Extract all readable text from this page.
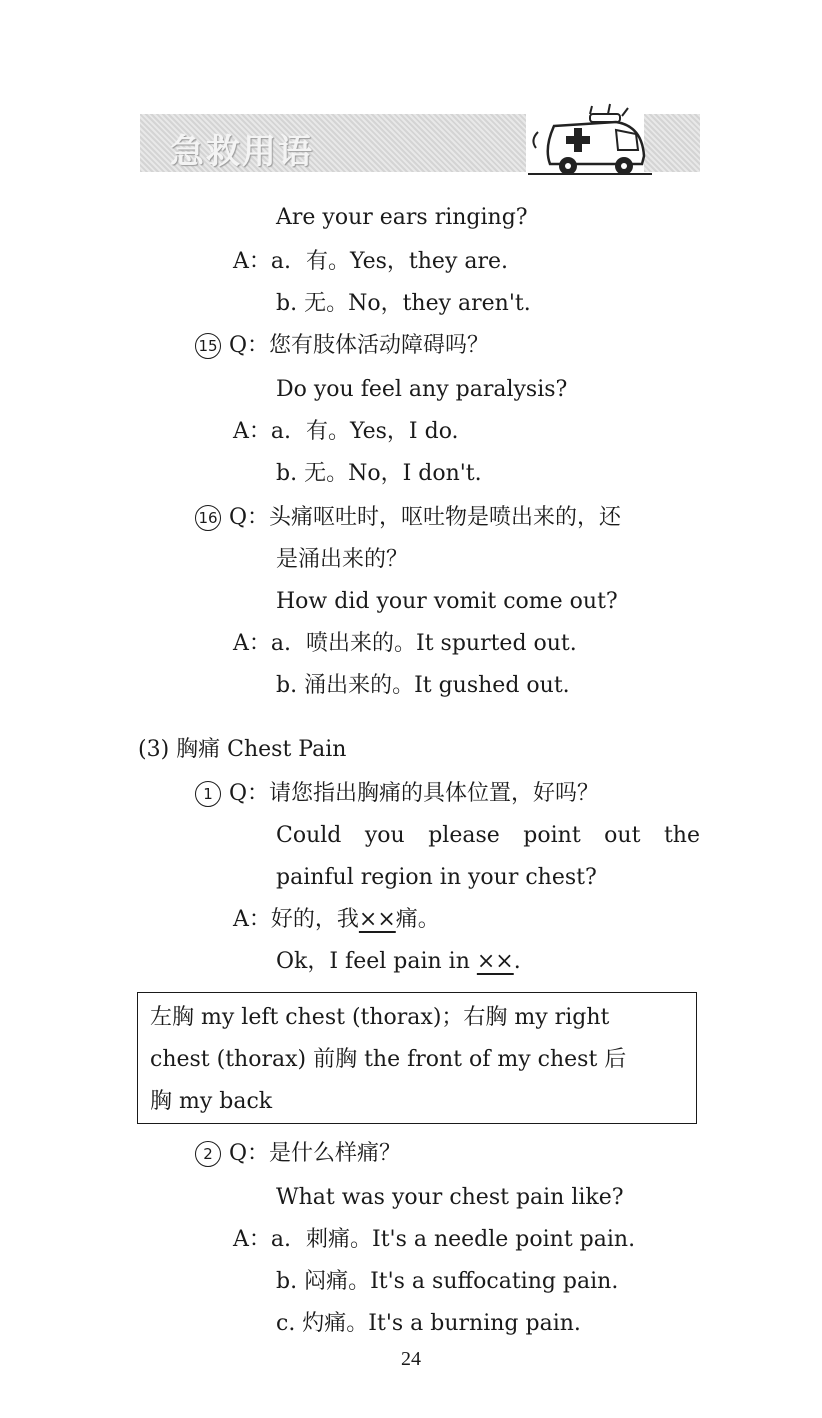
急救用语
Are your ears ringing?
A：a. 有。Yes，they are.
b. 无。No，they aren't.
15 Q：您有肢体活动障碍吗？
Do you feel any paralysis?
A：a. 有。Yes，I do.
b. 无。No，I don't.
16 Q：头痛呕吐时，呕吐物是喷出来的，还
是涌出来的？
How did your vomit come out?
A：a. 喷出来的。It spurted out.
b. 涌出来的。It gushed out.
(3) 胸痛 Chest Pain
1 Q：请您指出胸痛的具体位置，好吗？
Could you please point out the
painful region in your chest?
A：好的，我××痛。
Ok，I feel pain in ××.
左胸 my left chest (thorax)；右胸 my right
chest (thorax) 前胸 the front of my chest 后
胸 my back
2 Q：是什么样痛？
What was your chest pain like?
A：a. 刺痛。It's a needle point pain.
b. 闷痛。It's a suffocating pain.
c. 灼痛。It's a burning pain.
24
